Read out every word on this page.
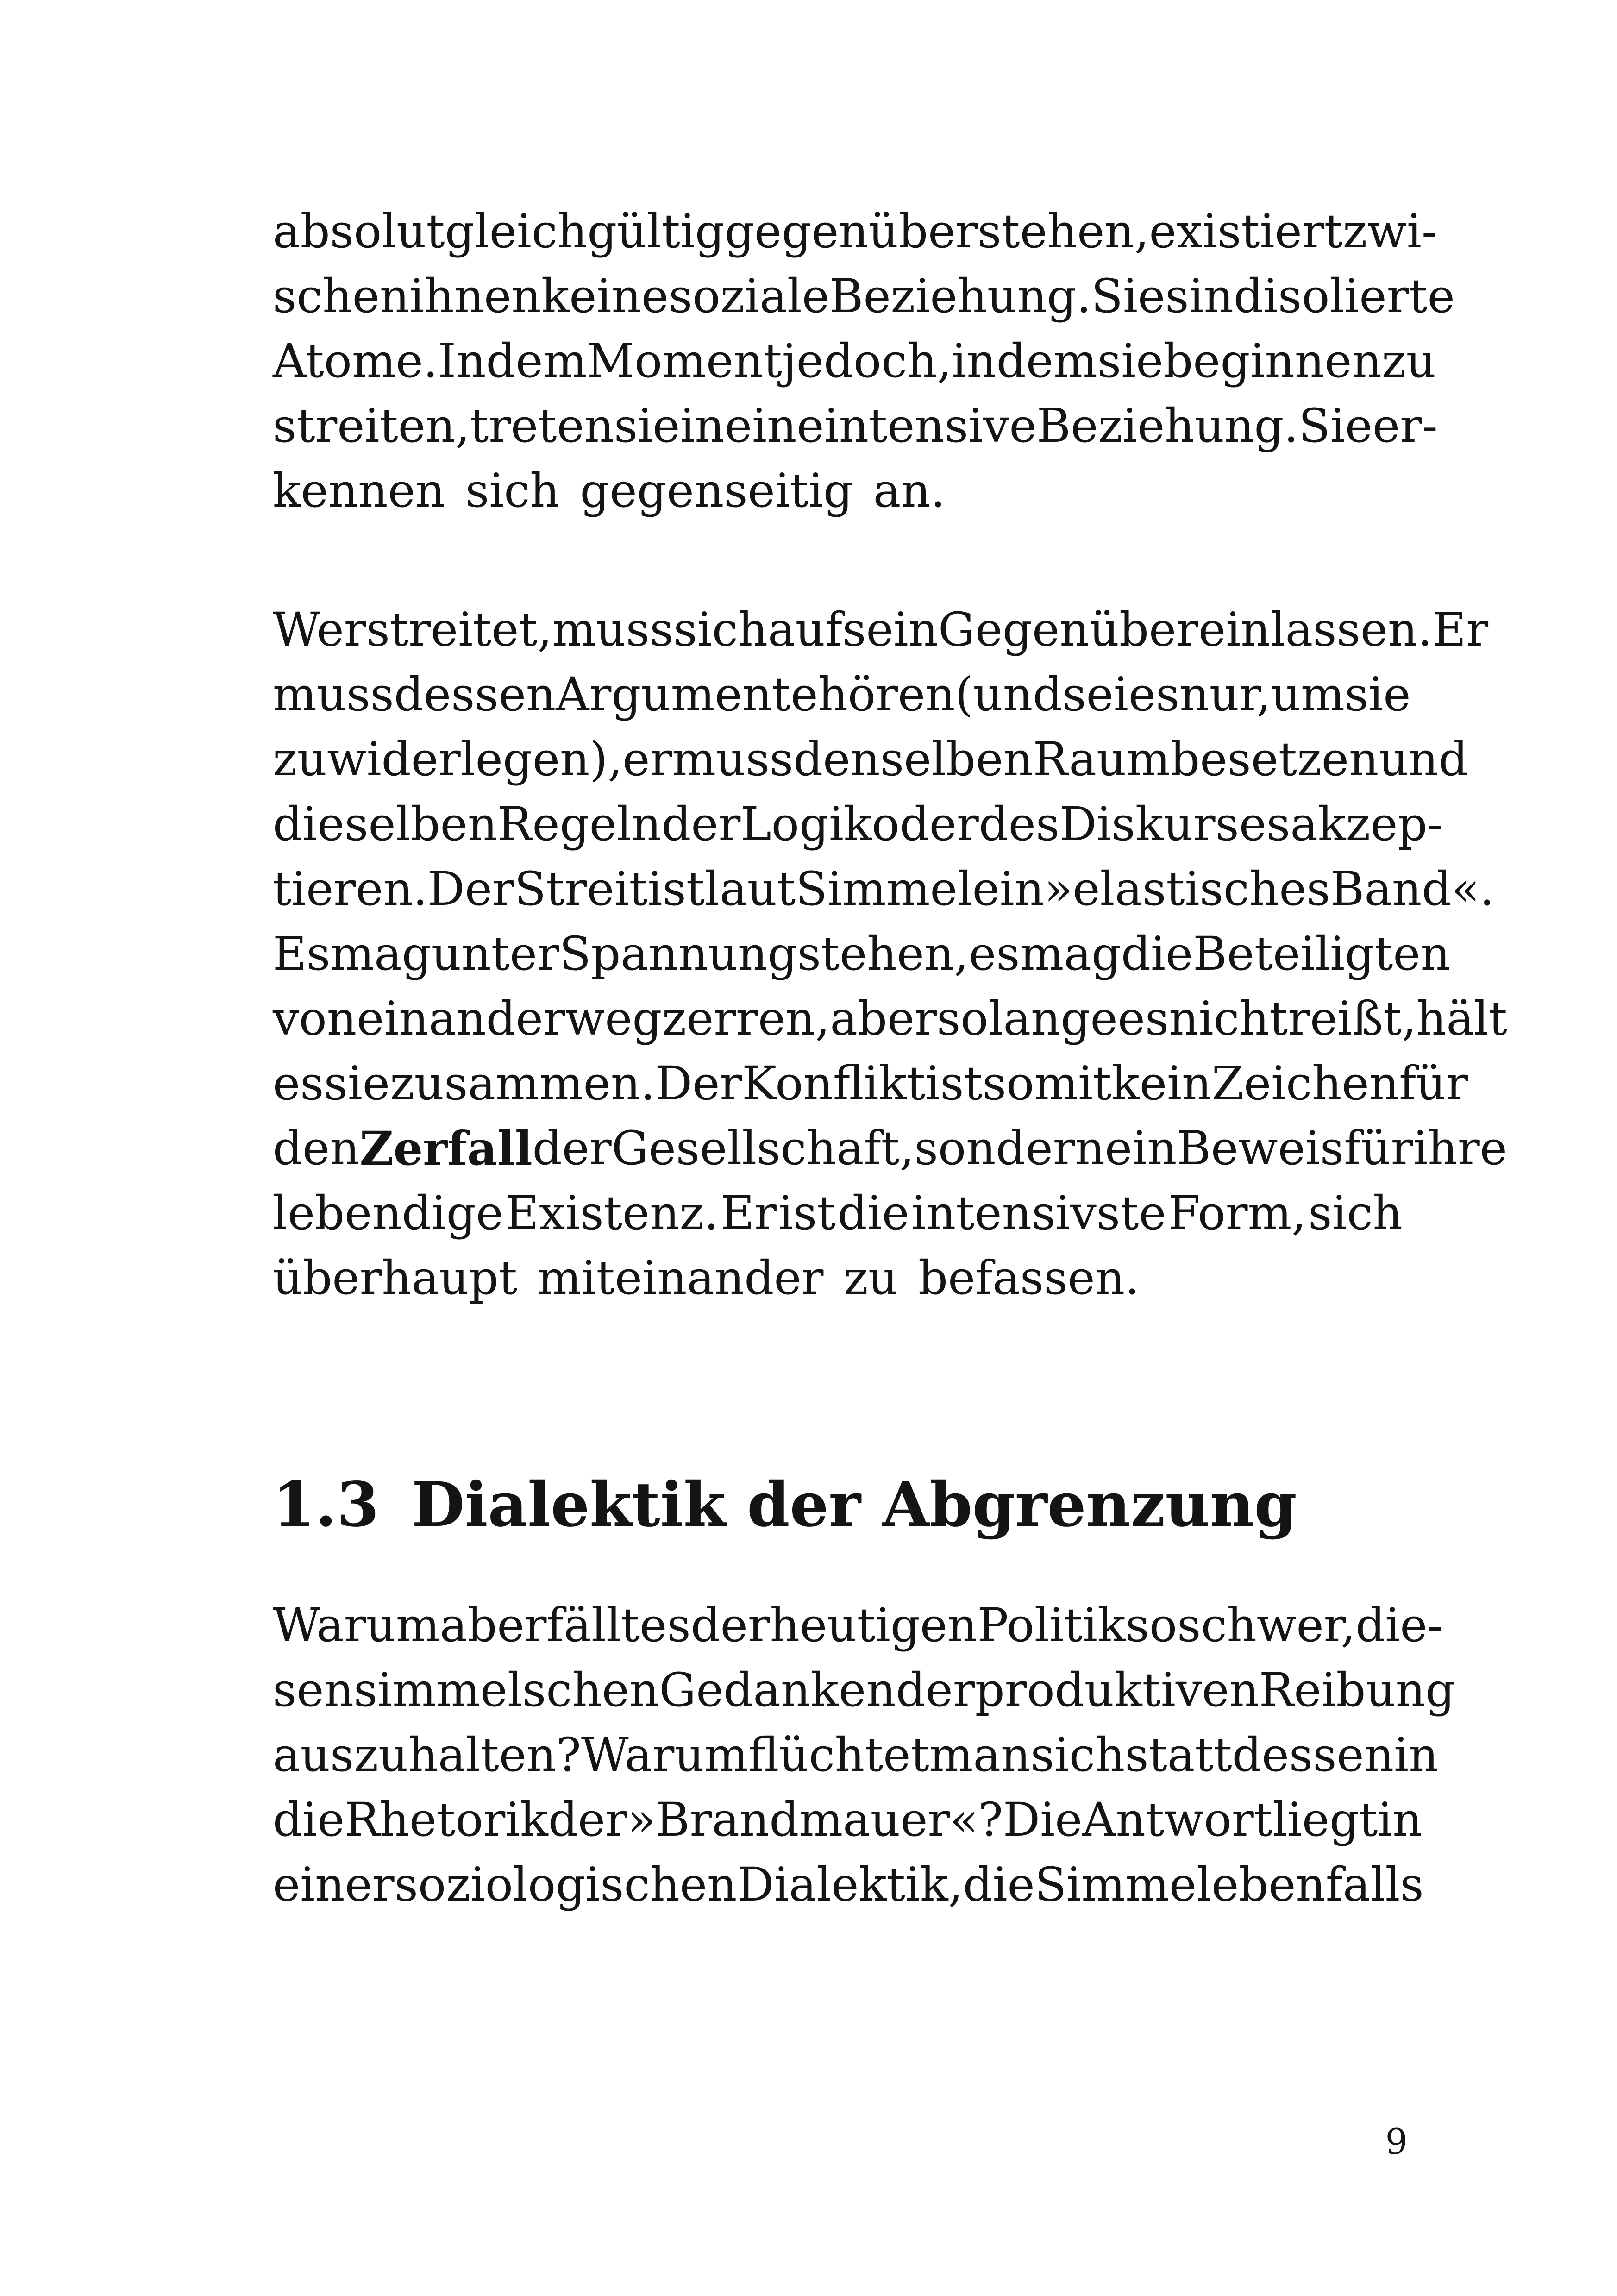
absolut gleichgültig gegenüberstehen, existiert zwi-
schen ihnen keine soziale Beziehung. Sie sind isolierte
Atome. In dem Moment jedoch, in dem sie beginnen zu
streiten, treten sie in eine intensive Beziehung. Sie er-
kennen sich gegenseitig an.
Wer streitet, muss sich auf sein Gegenüber einlassen. Er
muss dessen Argumente hören (und sei es nur, um sie
zu widerlegen), er muss denselben Raum besetzen und
dieselben Regeln der Logik oder des Diskurses akzep-
tieren. Der Streit ist laut Simmel ein »elastisches Band«.
Es mag unter Spannung stehen, es mag die Beteiligten
voneinander wegzerren, aber solange es nicht reißt, hält
es sie zusammen. Der Konflikt ist somit kein Zeichen für
den Zerfall der Gesellschaft, sondern ein Beweis für ihre
lebendige Existenz. Er ist die intensivste Form, sich
überhaupt miteinander zu befassen.
1.3 Dialektik der Abgrenzung
Warum aber fällt es der heutigen Politik so schwer, die-
sen simmelschen Gedanken der produktiven Reibung
auszuhalten? Warum flüchtet man sich stattdessen in
die Rhetorik der »Brandmauer«? Die Antwort liegt in
einer soziologischen Dialektik, die Simmel ebenfalls
9
